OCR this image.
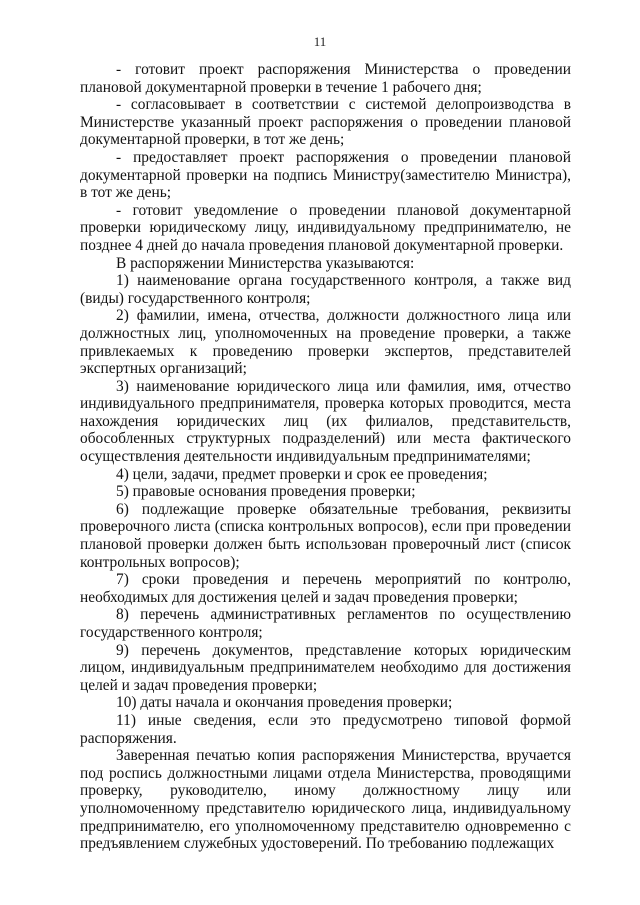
11

- готовит проект распоряжения Министерства о проведении плановой документарной проверки в течение 1 рабочего дня;

- согласовывает в соответствии с системой делопроизводства в Министерстве указанный проект распоряжения о проведении плановой документарной проверки, в тот же день;

- предоставляет проект распоряжения о проведении плановой документарной проверки на подпись Министру(заместителю Министра), в тот же день;

- готовит уведомление о проведении плановой документарной проверки юридическому лицу, индивидуальному предпринимателю, не позднее 4 дней до начала проведения плановой документарной проверки.

В распоряжении Министерства указываются:

1) наименование органа государственного контроля, а также вид (виды) государственного контроля;

2) фамилии, имена, отчества, должности должностного лица или должностных лиц, уполномоченных на проведение проверки, а также привлекаемых к проведению проверки экспертов, представителей экспертных организаций;

3) наименование юридического лица или фамилия, имя, отчество индивидуального предпринимателя, проверка которых проводится, места нахождения юридических лиц (их филиалов, представительств, обособленных структурных подразделений) или места фактического осуществления деятельности индивидуальным предпринимателями;

4) цели, задачи, предмет проверки и срок ее проведения;

5) правовые основания проведения проверки;

6) подлежащие проверке обязательные требования, реквизиты проверочного листа (списка контрольных вопросов), если при проведении плановой проверки должен быть использован проверочный лист (список контрольных вопросов);

7) сроки проведения и перечень мероприятий по контролю, необходимых для достижения целей и задач проведения проверки;

8) перечень административных регламентов по осуществлению государственного контроля;

9) перечень документов, представление которых юридическим лицом, индивидуальным предпринимателем необходимо для достижения целей и задач проведения проверки;

10) даты начала и окончания проведения проверки;

11) иные сведения, если это предусмотрено типовой формой распоряжения.

Заверенная печатью копия распоряжения Министерства, вручается под роспись должностными лицами отдела Министерства, проводящими проверку, руководителю, иному должностному лицу или уполномоченному представителю юридического лица, индивидуальному предпринимателю, его уполномоченному представителю одновременно с предъявлением служебных удостоверений. По требованию подлежащих
